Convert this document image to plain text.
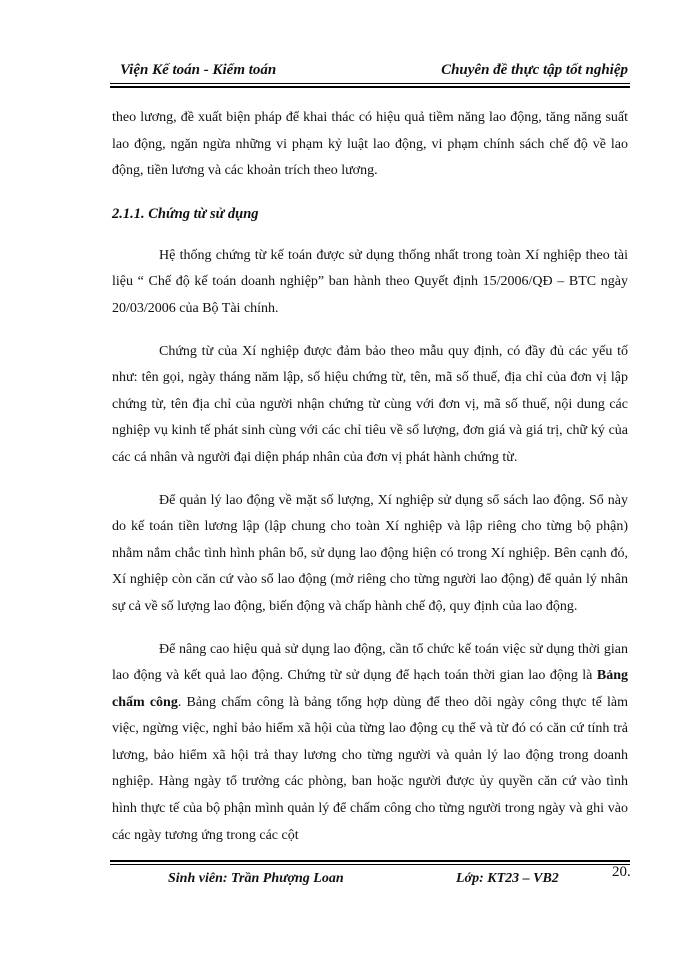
Viện Kế toán - Kiểm toán	Chuyên đề thực tập tốt nghiệp

theo lương, đề xuất biện pháp để khai thác có hiệu quả tiềm năng lao động, tăng năng suất lao động, ngăn ngừa những vi phạm kỷ luật lao động, vi phạm chính sách chế độ về lao động, tiền lương và các khoản trích theo lương.

2.1.1. Chứng từ sử dụng

Hệ thống chứng từ kế toán được sử dụng thống nhất trong toàn Xí nghiệp theo tài liệu “ Chế độ kế toán doanh nghiệp” ban hành theo Quyết định 15/2006/QĐ – BTC ngày 20/03/2006 của Bộ Tài chính.

Chứng từ của Xí nghiệp được đảm bảo theo mẫu quy định, có đầy đủ các yếu tố như: tên gọi, ngày tháng năm lập, số hiệu chứng từ, tên, mã số thuế, địa chỉ của đơn vị lập chứng từ, tên địa chỉ của người nhận chứng từ cùng với đơn vị, mã số thuế, nội dung các nghiệp vụ kinh tế phát sinh cùng với các chỉ tiêu về số lượng, đơn giá và giá trị, chữ ký của các cá nhân và người đại diện pháp nhân của đơn vị phát hành chứng từ.

Để quản lý lao động về mặt số lượng, Xí nghiệp sử dụng sổ sách lao động. Sổ này do kế toán tiền lương lập (lập chung cho toàn Xí nghiệp và lập riêng cho từng bộ phận) nhằm nắm chắc tình hình phân bổ, sử dụng lao động hiện có trong Xí nghiệp. Bên cạnh đó, Xí nghiệp còn căn cứ vào sổ lao động (mở riêng cho từng người lao động) để quản lý nhân sự cả về số lượng lao động, biến động và chấp hành chế độ, quy định của lao động.

Để nâng cao hiệu quả sử dụng lao động, cần tổ chức kế toán việc sử dụng thời gian lao động và kết quả lao động. Chứng từ sử dụng để hạch toán thời gian lao động là Bảng chấm công. Bảng chấm công là bảng tổng hợp dùng để theo dõi ngày công thực tế làm việc, ngừng việc, nghỉ bảo hiểm xã hội của từng lao động cụ thể và từ đó có căn cứ tính trả lương, bảo hiểm xã hội trả thay lương cho từng người và quản lý lao động trong doanh nghiệp. Hàng ngày tổ trưởng các phòng, ban hoặc người được ủy quyền căn cứ vào tình hình thực tế của bộ phận mình quản lý để chấm công cho từng người trong ngày và ghi vào các ngày tương ứng trong các cột

Sinh viên: Trần Phượng Loan	Lớp: KT23 – VB2	20.
